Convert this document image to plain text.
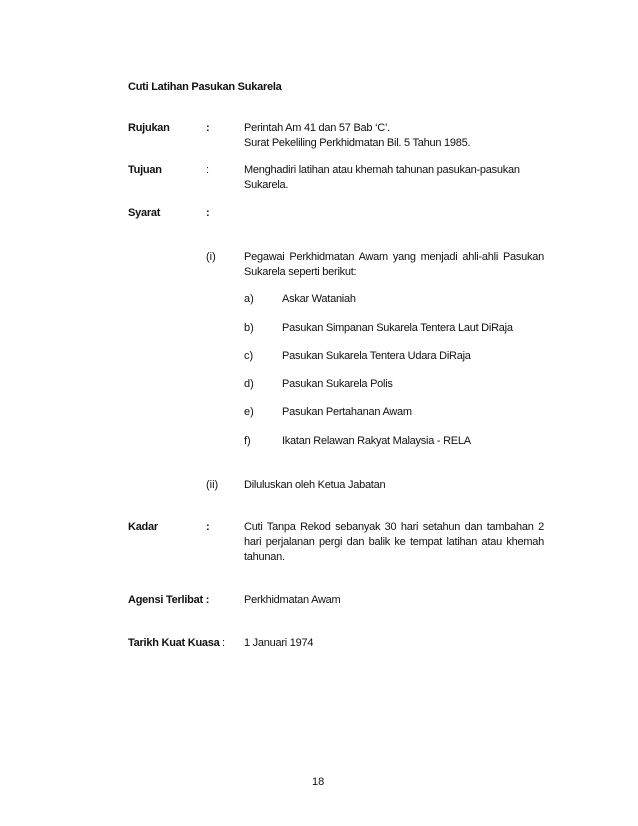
Cuti Latihan Pasukan Sukarela
Rujukan	:	Perintah Am 41 dan 57 Bab ‘C’.
Surat Pekeliling Perkhidmatan Bil. 5 Tahun 1985.
Tujuan	:	Menghadiri latihan atau khemah tahunan pasukan-pasukan
Sukarela.
Syarat	:
(i)	Pegawai Perkhidmatan Awam yang menjadi ahli-ahli Pasukan Sukarela seperti berikut:
a)	Askar Wataniah
b)	Pasukan Simpanan Sukarela Tentera Laut DiRaja
c)	Pasukan Sukarela Tentera Udara DiRaja
d)	Pasukan Sukarela Polis
e)	Pasukan Pertahanan Awam
f)	Ikatan Relawan Rakyat Malaysia - RELA
(ii) Diluluskan oleh Ketua Jabatan
Kadar	:	Cuti Tanpa Rekod sebanyak 30 hari setahun dan tambahan 2 hari perjalanan pergi dan balik ke tempat latihan atau khemah tahunan.
Agensi Terlibat :	Perkhidmatan Awam
Tarikh Kuat Kuasa : 1 Januari 1974
18
